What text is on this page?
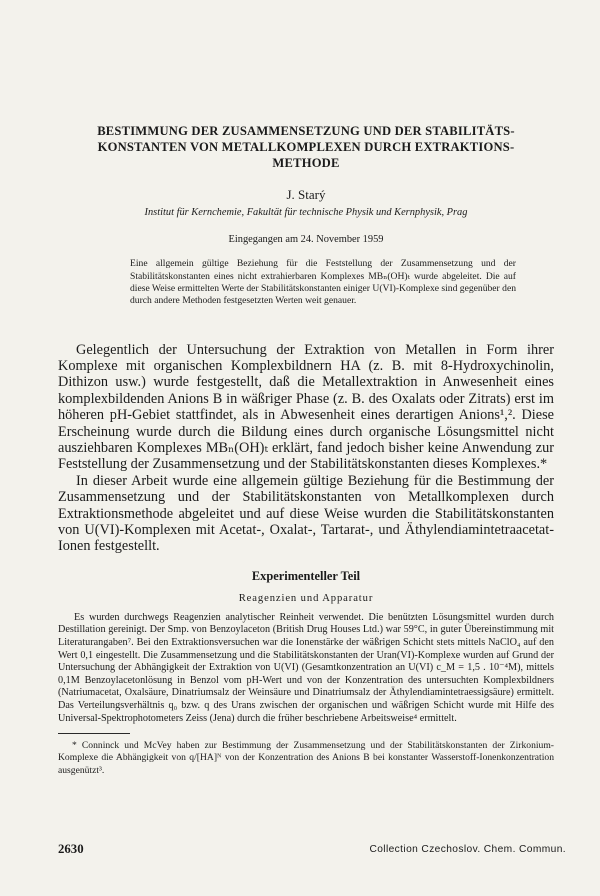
BESTIMMUNG DER ZUSAMMENSETZUNG UND DER STABILITÄTS-
KONSTANTEN VON METALLKOMPLEXEN DURCH EXTRAKTIONS-
METHODE
J. Starý
Institut für Kernchemie, Fakultät für technische Physik und Kernphysik, Prag
Eingegangen am 24. November 1959
Eine allgemein gültige Beziehung für die Feststellung der Zusammensetzung und der Stabilitätskonstanten eines nicht extrahierbaren Komplexes MBₙ(OH)ₜ wurde abgeleitet. Die auf diese Weise ermittelten Werte der Stabilitätskonstanten einiger U(VI)-Komplexe sind gegenüber den durch andere Methoden festgesetzten Werten weit genauer.

Gelegentlich der Untersuchung der Extraktion von Metallen in Form ihrer Komplexe mit organischen Komplexbildnern HA (z. B. mit 8-Hydroxychinolin, Dithizon usw.) wurde festgestellt, daß die Metallextraktion in Anwesenheit eines komplexbildenden Anions B in wäßriger Phase (z. B. des Oxalats oder Zitrats) erst im höheren pH-Gebiet stattfindet, als in Abwesenheit eines derartigen Anions¹,². Diese Erscheinung wurde durch die Bildung eines durch organische Lösungsmittel nicht ausziehbaren Komplexes MBₙ(OH)ₜ erklärt, fand jedoch bisher keine Anwendung zur Feststellung der Zusammensetzung und der Stabilitätskonstanten dieses Komplexes.*

In dieser Arbeit wurde eine allgemein gültige Beziehung für die Bestimmung der Zusammensetzung und der Stabilitätskonstanten von Metallkomplexen durch Extraktionsmethode abgeleitet und auf diese Weise wurden die Stabilitätskonstanten von U(VI)-Komplexen mit Acetat-, Oxalat-, Tartarat-, und Äthylendiamintetraacetat-Ionen festgestellt.

Experimenteller Teil
Reagenzien und Apparatur
Es wurden durchwegs Reagenzien analytischer Reinheit verwendet. Die benützten Lösungsmittel wurden durch Destillation gereinigt. Der Smp. von Benzoylaceton (British Drug Houses Ltd.) war 59°C, in guter Übereinstimmung mit Literaturangaben⁷. Bei den Extraktionsversuchen war die Ionenstärke der wäßrigen Schicht stets mittels NaClO₄ auf den Wert 0,1 eingestellt. Die Zusammensetzung und die Stabilitätskonstanten der Uran(VI)-Komplexe wurden auf Grund der Untersuchung der Abhängigkeit der Extraktion von U(VI) (Gesamtkonzentration an U(VI) c_M = 1,5 . 10⁻⁴M), mittels 0,1M Benzoylacetonlösung in Benzol vom pH-Wert und von der Konzentration des untersuchten Komplexbildners (Natriumacetat, Oxalsäure, Dinatriumsalz der Weinsäure und Dinatriumsalz der Äthylendiamintetraessigsäure) ermittelt. Das Verteilungsverhältnis q₀ bzw. q des Urans zwischen der organischen und wäßrigen Schicht wurde mit Hilfe des Universal-Spektrophotometers Zeiss (Jena) durch die früher beschriebene Arbeitsweise⁴ ermittelt.
* Conninck und McVey haben zur Bestimmung der Zusammensetzung und der Stabilitätskonstanten der Zirkonium-Komplexe die Abhängigkeit von q/[HA]ᴺ von der Konzentration des Anions B bei konstanter Wasserstoff-Ionenkonzentration ausgenützt³.
2630	Collection Czechoslov. Chem. Commun.
